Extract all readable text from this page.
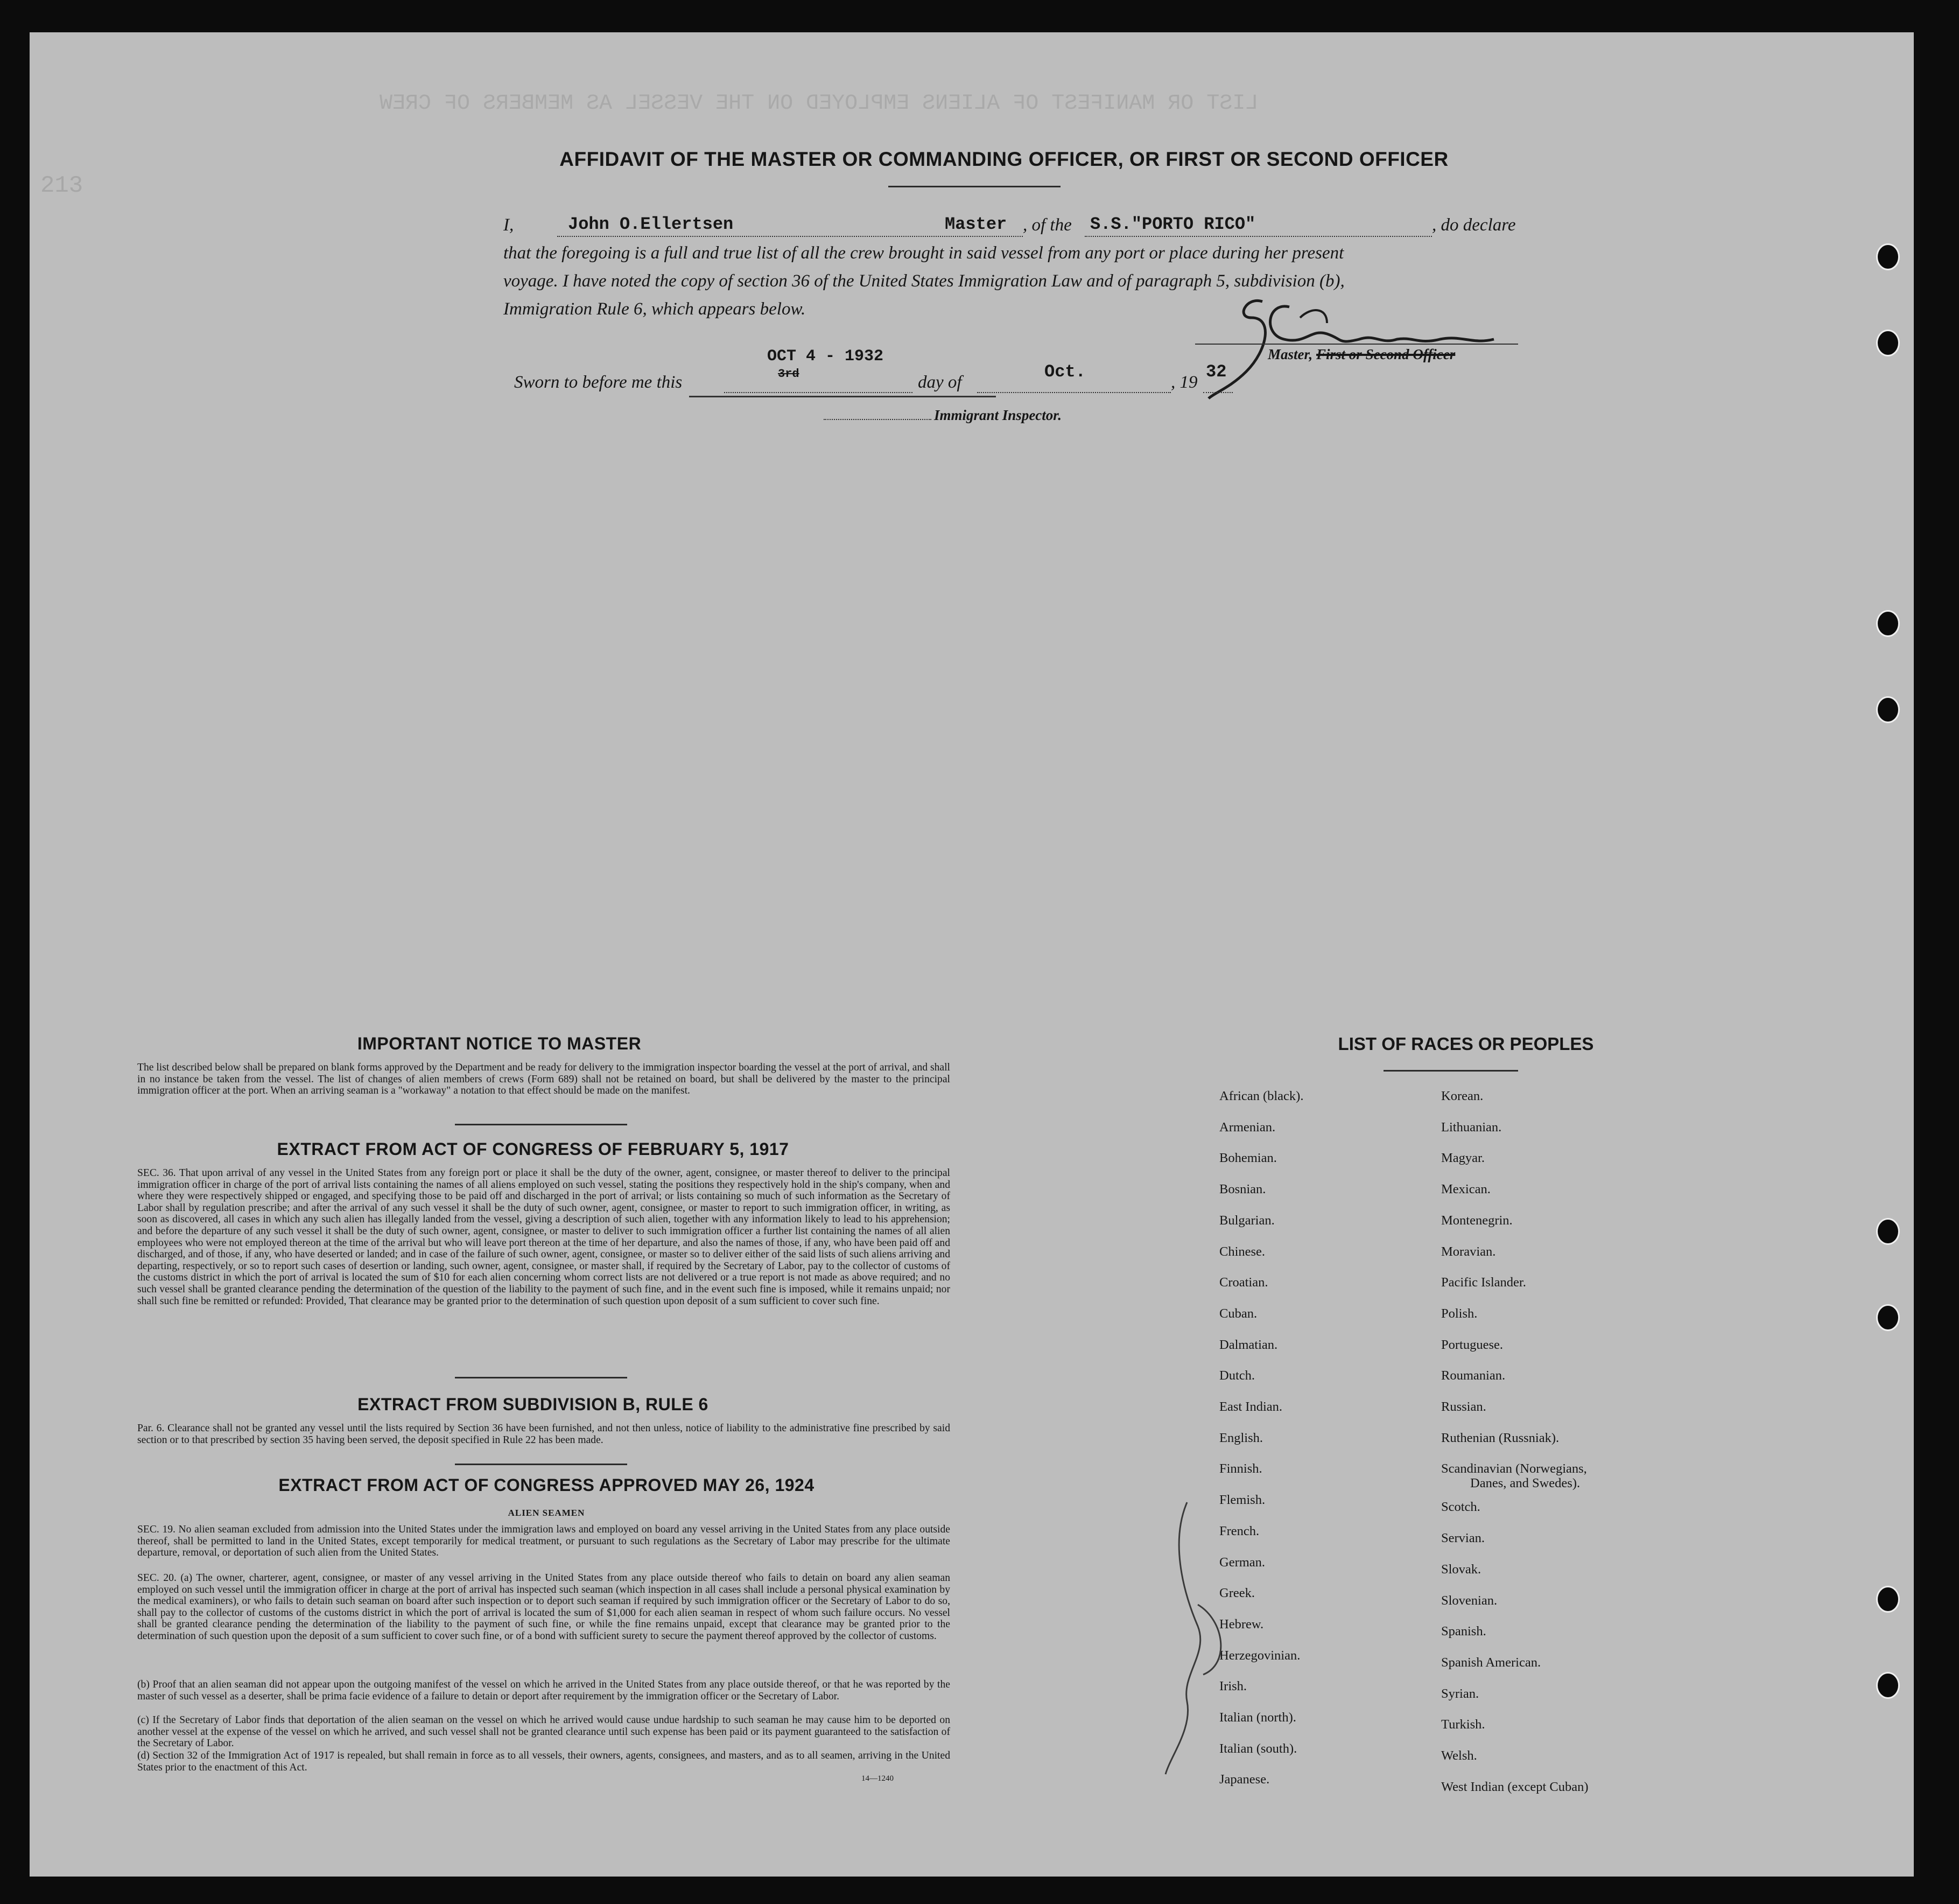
LIST OR MANIFEST OF ALIENS EMPLOYED ON THE VESSEL AS MEMBERS OF CREW
213
AFFIDAVIT OF THE MASTER OR COMMANDING OFFICER, OR FIRST OR SECOND OFFICER
I,	John O.Ellertsen	Master , of the S.S."PORTO RICO"	, do declare
that the foregoing is a full and true list of all the crew brought in said vessel from any port or place during her present
voyage. I have noted the copy of section 36 of the United States Immigration Law and of paragraph 5, subdivision (b),
Immigration Rule 6, which appears below.
Master, First or Second Officer
Sworn to before me this
OCT 4 - 1932
3rd	day of
Oct.
, 19
32
Immigrant Inspector.
IMPORTANT NOTICE TO MASTER

The list described below shall be prepared on blank forms approved by the Department and be ready for delivery to the immigration inspector boarding the vessel at the port of arrival, and shall in no instance be taken from the vessel. The list of changes of alien members of crews (Form 689) shall not be retained on board, but shall be delivered by the master to the principal immigration officer at the port. When an arriving seaman is a "workaway" a notation to that effect should be made on the manifest.

EXTRACT FROM ACT OF CONGRESS OF FEBRUARY 5, 1917

SEC. 36. That upon arrival of any vessel in the United States from any foreign port or place it shall be the duty of the owner, agent, consignee, or master thereof to deliver to the principal immigration officer in charge of the port of arrival lists containing the names of all aliens employed on such vessel, stating the positions they respectively hold in the ship's company, when and where they were respectively shipped or engaged, and specifying those to be paid off and discharged in the port of arrival; or lists containing so much of such information as the Secretary of Labor shall by regulation prescribe; and after the arrival of any such vessel it shall be the duty of such owner, agent, consignee, or master to report to such immigration officer, in writing, as soon as discovered, all cases in which any such alien has illegally landed from the vessel, giving a description of such alien, together with any information likely to lead to his apprehension; and before the departure of any such vessel it shall be the duty of such owner, agent, consignee, or master to deliver to such immigration officer a further list containing the names of all alien employees who were not employed thereon at the time of the arrival but who will leave port thereon at the time of her departure, and also the names of those, if any, who have been paid off and discharged, and of those, if any, who have deserted or landed; and in case of the failure of such owner, agent, consignee, or master so to deliver either of the said lists of such aliens arriving and departing, respectively, or so to report such cases of desertion or landing, such owner, agent, consignee, or master shall, if required by the Secretary of Labor, pay to the collector of customs of the customs district in which the port of arrival is located the sum of $10 for each alien concerning whom correct lists are not delivered or a true report is not made as above required; and no such vessel shall be granted clearance pending the determination of the question of the liability to the payment of such fine, and in the event such fine is imposed, while it remains unpaid; nor shall such fine be remitted or refunded: Provided, That clearance may be granted prior to the determination of such question upon deposit of a sum sufficient to cover such fine.

EXTRACT FROM SUBDIVISION B, RULE 6

Par. 6. Clearance shall not be granted any vessel until the lists required by Section 36 have been furnished, and not then unless, notice of liability to the administrative fine prescribed by said section or to that prescribed by section 35 having been served, the deposit specified in Rule 22 has been made.

EXTRACT FROM ACT OF CONGRESS APPROVED MAY 26, 1924
ALIEN SEAMEN

SEC. 19. No alien seaman excluded from admission into the United States under the immigration laws and employed on board any vessel arriving in the United States from any place outside thereof, shall be permitted to land in the United States, except temporarily for medical treatment, or pursuant to such regulations as the Secretary of Labor may prescribe for the ultimate departure, removal, or deportation of such alien from the United States.

SEC. 20. (a) The owner, charterer, agent, consignee, or master of any vessel arriving in the United States from any place outside thereof who fails to detain on board any alien seaman employed on such vessel until the immigration officer in charge at the port of arrival has inspected such seaman (which inspection in all cases shall include a personal physical examination by the medical examiners), or who fails to detain such seaman on board after such inspection or to deport such seaman if required by such immigration officer or the Secretary of Labor to do so, shall pay to the collector of customs of the customs district in which the port of arrival is located the sum of $1,000 for each alien seaman in respect of whom such failure occurs. No vessel shall be granted clearance pending the determination of the liability to the payment of such fine, or while the fine remains unpaid, except that clearance may be granted prior to the determination of such question upon the deposit of a sum sufficient to cover such fine, or of a bond with sufficient surety to secure the payment thereof approved by the collector of customs.

(b) Proof that an alien seaman did not appear upon the outgoing manifest of the vessel on which he arrived in the United States from any place outside thereof, or that he was reported by the master of such vessel as a deserter, shall be prima facie evidence of a failure to detain or deport after requirement by the immigration officer or the Secretary of Labor.

(c) If the Secretary of Labor finds that deportation of the alien seaman on the vessel on which he arrived would cause undue hardship to such seaman he may cause him to be deported on another vessel at the expense of the vessel on which he arrived, and such vessel shall not be granted clearance until such expense has been paid or its payment guaranteed to the satisfaction of the Secretary of Labor.

(d) Section 32 of the Immigration Act of 1917 is repealed, but shall remain in force as to all vessels, their owners, agents, consignees, and masters, and as to all seamen, arriving in the United States prior to the enactment of this Act.

14—1240
LIST OF RACES OR PEOPLES
African (black).
Armenian.
Bohemian.
Bosnian.
Bulgarian.
Chinese.
Croatian.
Cuban.
Dalmatian.
Dutch.
East Indian.
English.
Finnish.
Flemish.
French.
German.
Greek.
Hebrew.
Herzegovinian.
Irish.
Italian (north).
Italian (south).
Japanese.
Korean.
Lithuanian.
Magyar.
Mexican.
Montenegrin.
Moravian.
Pacific Islander.
Polish.
Portuguese.
Roumanian.
Russian.
Ruthenian (Russniak).
Scandinavian (Norwegians,
Danes, and Swedes).
Scotch.
Servian.
Slovak.
Slovenian.
Spanish.
Spanish American.
Syrian.
Turkish.
Welsh.
West Indian (except Cuban)
